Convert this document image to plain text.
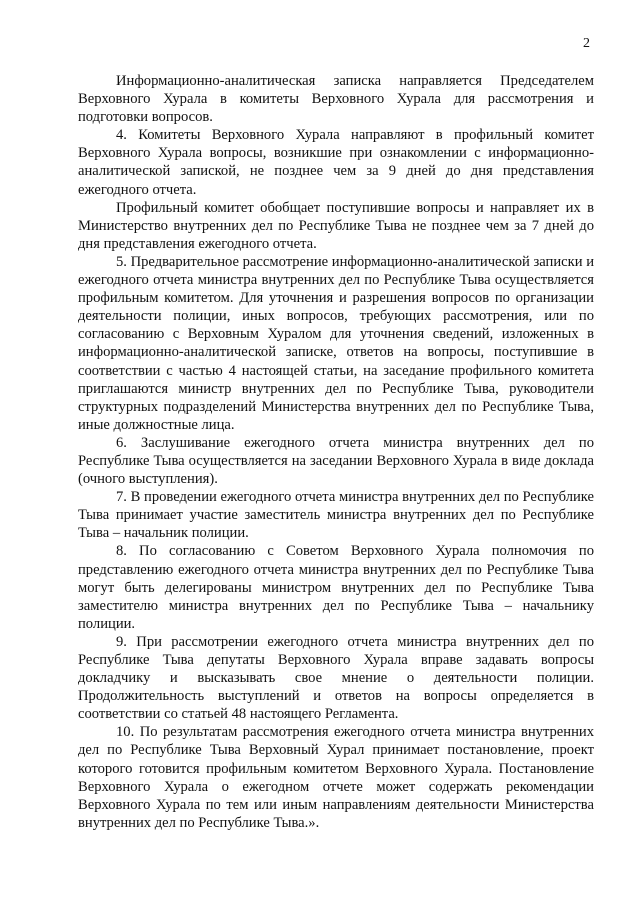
2

Информационно-аналитическая записка направляется Председателем Верховного Хурала в комитеты Верховного Хурала для рассмотрения и подготовки вопросов.

4. Комитеты Верховного Хурала направляют в профильный комитет Верховного Хурала вопросы, возникшие при ознакомлении с информационно-аналитической запиской, не позднее чем за 9 дней до дня представления ежегодного отчета.

Профильный комитет обобщает поступившие вопросы и направляет их в Министерство внутренних дел по Республике Тыва не позднее чем за 7 дней до дня представления ежегодного отчета.

5. Предварительное рассмотрение информационно-аналитической записки и ежегодного отчета министра внутренних дел по Республике Тыва осуществляется профильным комитетом. Для уточнения и разрешения вопросов по организации деятельности полиции, иных вопросов, требующих рассмотрения, или по согласованию с Верховным Хуралом для уточнения сведений, изложенных в информационно-аналитической записке, ответов на вопросы, поступившие в соответствии с частью 4 настоящей статьи, на заседание профильного комитета приглашаются министр внутренних дел по Республике Тыва, руководители структурных подразделений Министерства внутренних дел по Республике Тыва, иные должностные лица.

6. Заслушивание ежегодного отчета министра внутренних дел по Республике Тыва осуществляется на заседании Верховного Хурала в виде доклада (очного выступления).

7. В проведении ежегодного отчета министра внутренних дел по Республике Тыва принимает участие заместитель министра внутренних дел по Республике Тыва – начальник полиции.

8. По согласованию с Советом Верховного Хурала полномочия по представлению ежегодного отчета министра внутренних дел по Республике Тыва могут быть делегированы министром внутренних дел по Республике Тыва заместителю министра внутренних дел по Республике Тыва – начальнику полиции.

9. При рассмотрении ежегодного отчета министра внутренних дел по Республике Тыва депутаты Верховного Хурала вправе задавать вопросы докладчику и высказывать свое мнение о деятельности полиции. Продолжительность выступлений и ответов на вопросы определяется в соответствии со статьей 48 настоящего Регламента.

10. По результатам рассмотрения ежегодного отчета министра внутренних дел по Республике Тыва Верховный Хурал принимает постановление, проект которого готовится профильным комитетом Верховного Хурала. Постановление Верховного Хурала о ежегодном отчете может содержать рекомендации Верховного Хурала по тем или иным направлениям деятельности Министерства внутренних дел по Республике Тыва.».
